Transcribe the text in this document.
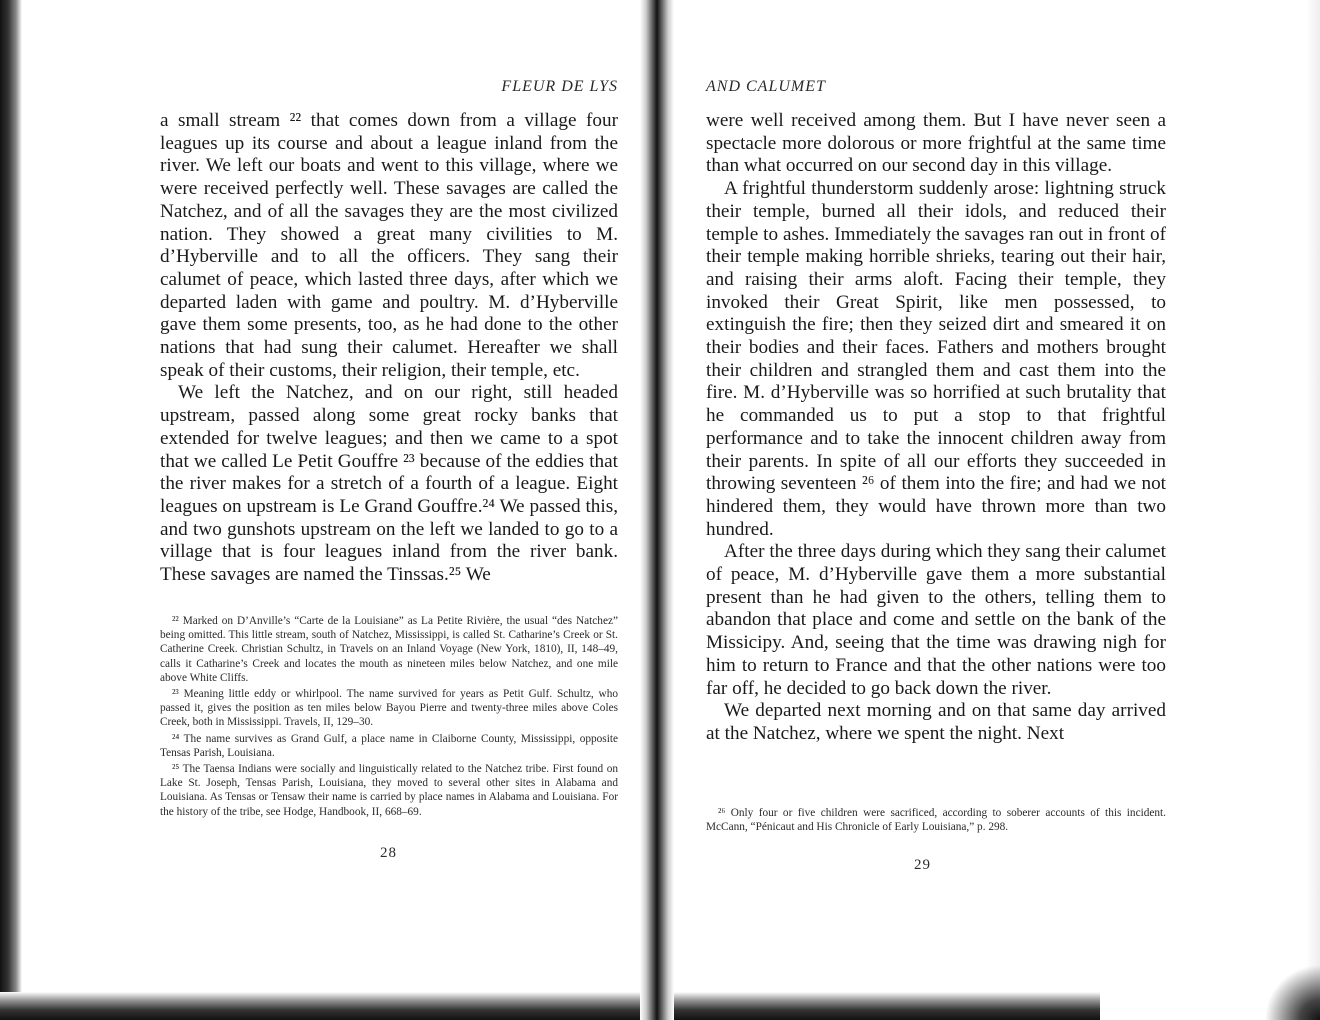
FLEUR DE LYS

a small stream ²² that comes down from a village four leagues up its course and about a league inland from the river. We left our boats and went to this village, where we were received perfectly well. These savages are called the Natchez, and of all the savages they are the most civilized nation. They showed a great many civilities to M. d’Hyberville and to all the officers. They sang their calumet of peace, which lasted three days, after which we departed laden with game and poultry. M. d’Hyberville gave them some presents, too, as he had done to the other nations that had sung their calumet. Hereafter we shall speak of their customs, their religion, their temple, etc.

We left the Natchez, and on our right, still headed upstream, passed along some great rocky banks that extended for twelve leagues; and then we came to a spot that we called Le Petit Gouffre ²³ because of the eddies that the river makes for a stretch of a fourth of a league. Eight leagues on upstream is Le Grand Gouffre.²⁴ We passed this, and two gunshots upstream on the left we landed to go to a village that is four leagues inland from the river bank. These savages are named the Tinssas.²⁵ We

²² Marked on D’Anville’s “Carte de la Louisiane” as La Petite Rivière, the usual “des Natchez” being omitted. This little stream, south of Natchez, Mississippi, is called St. Catharine’s Creek or St. Catherine Creek. Christian Schultz, in Travels on an Inland Voyage (New York, 1810), II, 148–49, calls it Catharine’s Creek and locates the mouth as nineteen miles below Natchez, and one mile above White Cliffs.

²³ Meaning little eddy or whirlpool. The name survived for years as Petit Gulf. Schultz, who passed it, gives the position as ten miles below Bayou Pierre and twenty-three miles above Coles Creek, both in Mississippi. Travels, II, 129–30.

²⁴ The name survives as Grand Gulf, a place name in Claiborne County, Mississippi, opposite Tensas Parish, Louisiana.

²⁵ The Taensa Indians were socially and linguistically related to the Natchez tribe. First found on Lake St. Joseph, Tensas Parish, Louisiana, they moved to several other sites in Alabama and Louisiana. As Tensas or Tensaw their name is carried by place names in Alabama and Louisiana. For the history of the tribe, see Hodge, Handbook, II, 668–69.

28
AND CALUMET

were well received among them. But I have never seen a spectacle more dolorous or more frightful at the same time than what occurred on our second day in this village.

A frightful thunderstorm suddenly arose: lightning struck their temple, burned all their idols, and reduced their temple to ashes. Immediately the savages ran out in front of their temple making horrible shrieks, tearing out their hair, and raising their arms aloft. Facing their temple, they invoked their Great Spirit, like men possessed, to extinguish the fire; then they seized dirt and smeared it on their bodies and their faces. Fathers and mothers brought their children and strangled them and cast them into the fire. M. d’Hyberville was so horrified at such brutality that he commanded us to put a stop to that frightful performance and to take the innocent children away from their parents. In spite of all our efforts they succeeded in throwing seventeen ²⁶ of them into the fire; and had we not hindered them, they would have thrown more than two hundred.

After the three days during which they sang their calumet of peace, M. d’Hyberville gave them a more substantial present than he had given to the others, telling them to abandon that place and come and settle on the bank of the Missicipy. And, seeing that the time was drawing nigh for him to return to France and that the other nations were too far off, he decided to go back down the river.

We departed next morning and on that same day arrived at the Natchez, where we spent the night. Next

²⁶ Only four or five children were sacrificed, according to soberer accounts of this incident. McCann, “Pénicaut and His Chronicle of Early Louisiana,” p. 298.

29
